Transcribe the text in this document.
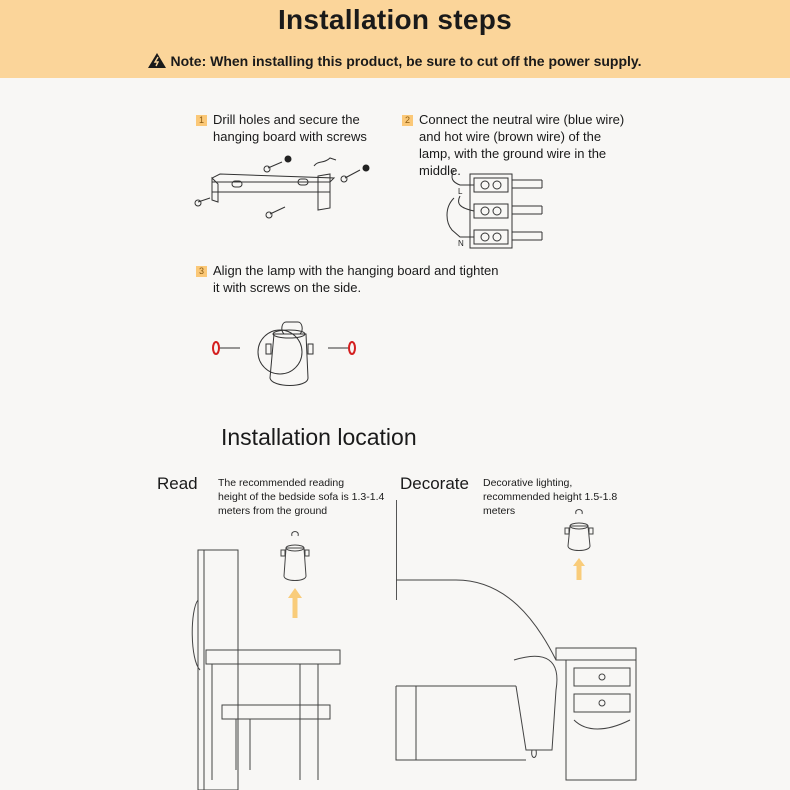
Installation steps
Note: When installing this product, be sure to cut off the power supply.
1 Drill holes and secure the
hanging board with screws
2 Connect the neutral wire (blue wire)
and hot wire (brown wire) of the
lamp, with the ground wire in the
middle.
L
N
3 Align the lamp with the hanging board and tighten
it with screws on the side.
Installation location
Read The recommended reading
height of the bedside sofa is 1.3-1.4
meters from the ground
Decorate Decorative lighting,
recommended height 1.5-1.8
meters
